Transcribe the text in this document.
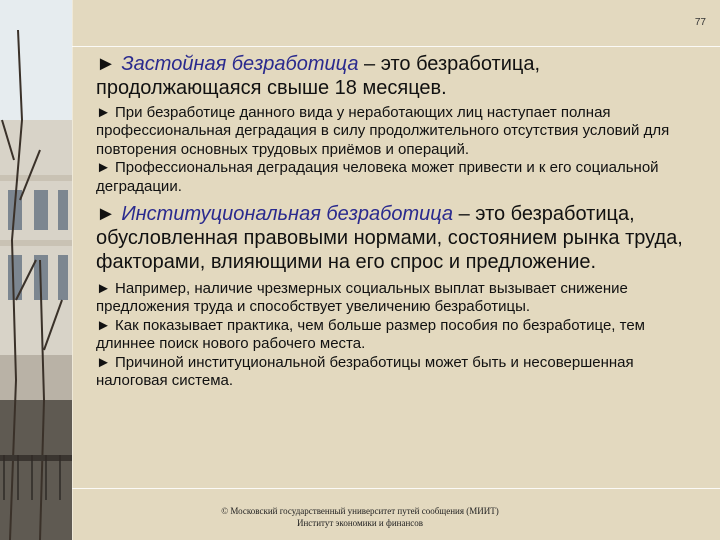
77

► Застойная безработица – это безработица, продолжающаяся свыше 18 месяцев.

► При безработице данного вида у неработающих лиц наступает полная профессиональная деградация в силу продолжительного отсутствия условий для повторения основных трудовых приёмов и операций.

► Профессиональная деградация человека может привести и к его социальной деградации.

► Институциональная безработица – это безработица, обусловленная правовыми нормами, состоянием рынка труда, факторами, влияющими на его спрос и предложение.

► Например, наличие чрезмерных социальных выплат вызывает снижение предложения труда и способствует увеличению безработицы.

► Как показывает практика, чем больше размер пособия по безработице, тем длиннее поиск нового рабочего места.

► Причиной институциональной безработицы может быть и несовершенная налоговая система.

© Московский государственный университет путей сообщения (МИИТ)
Институт экономики и финансов
